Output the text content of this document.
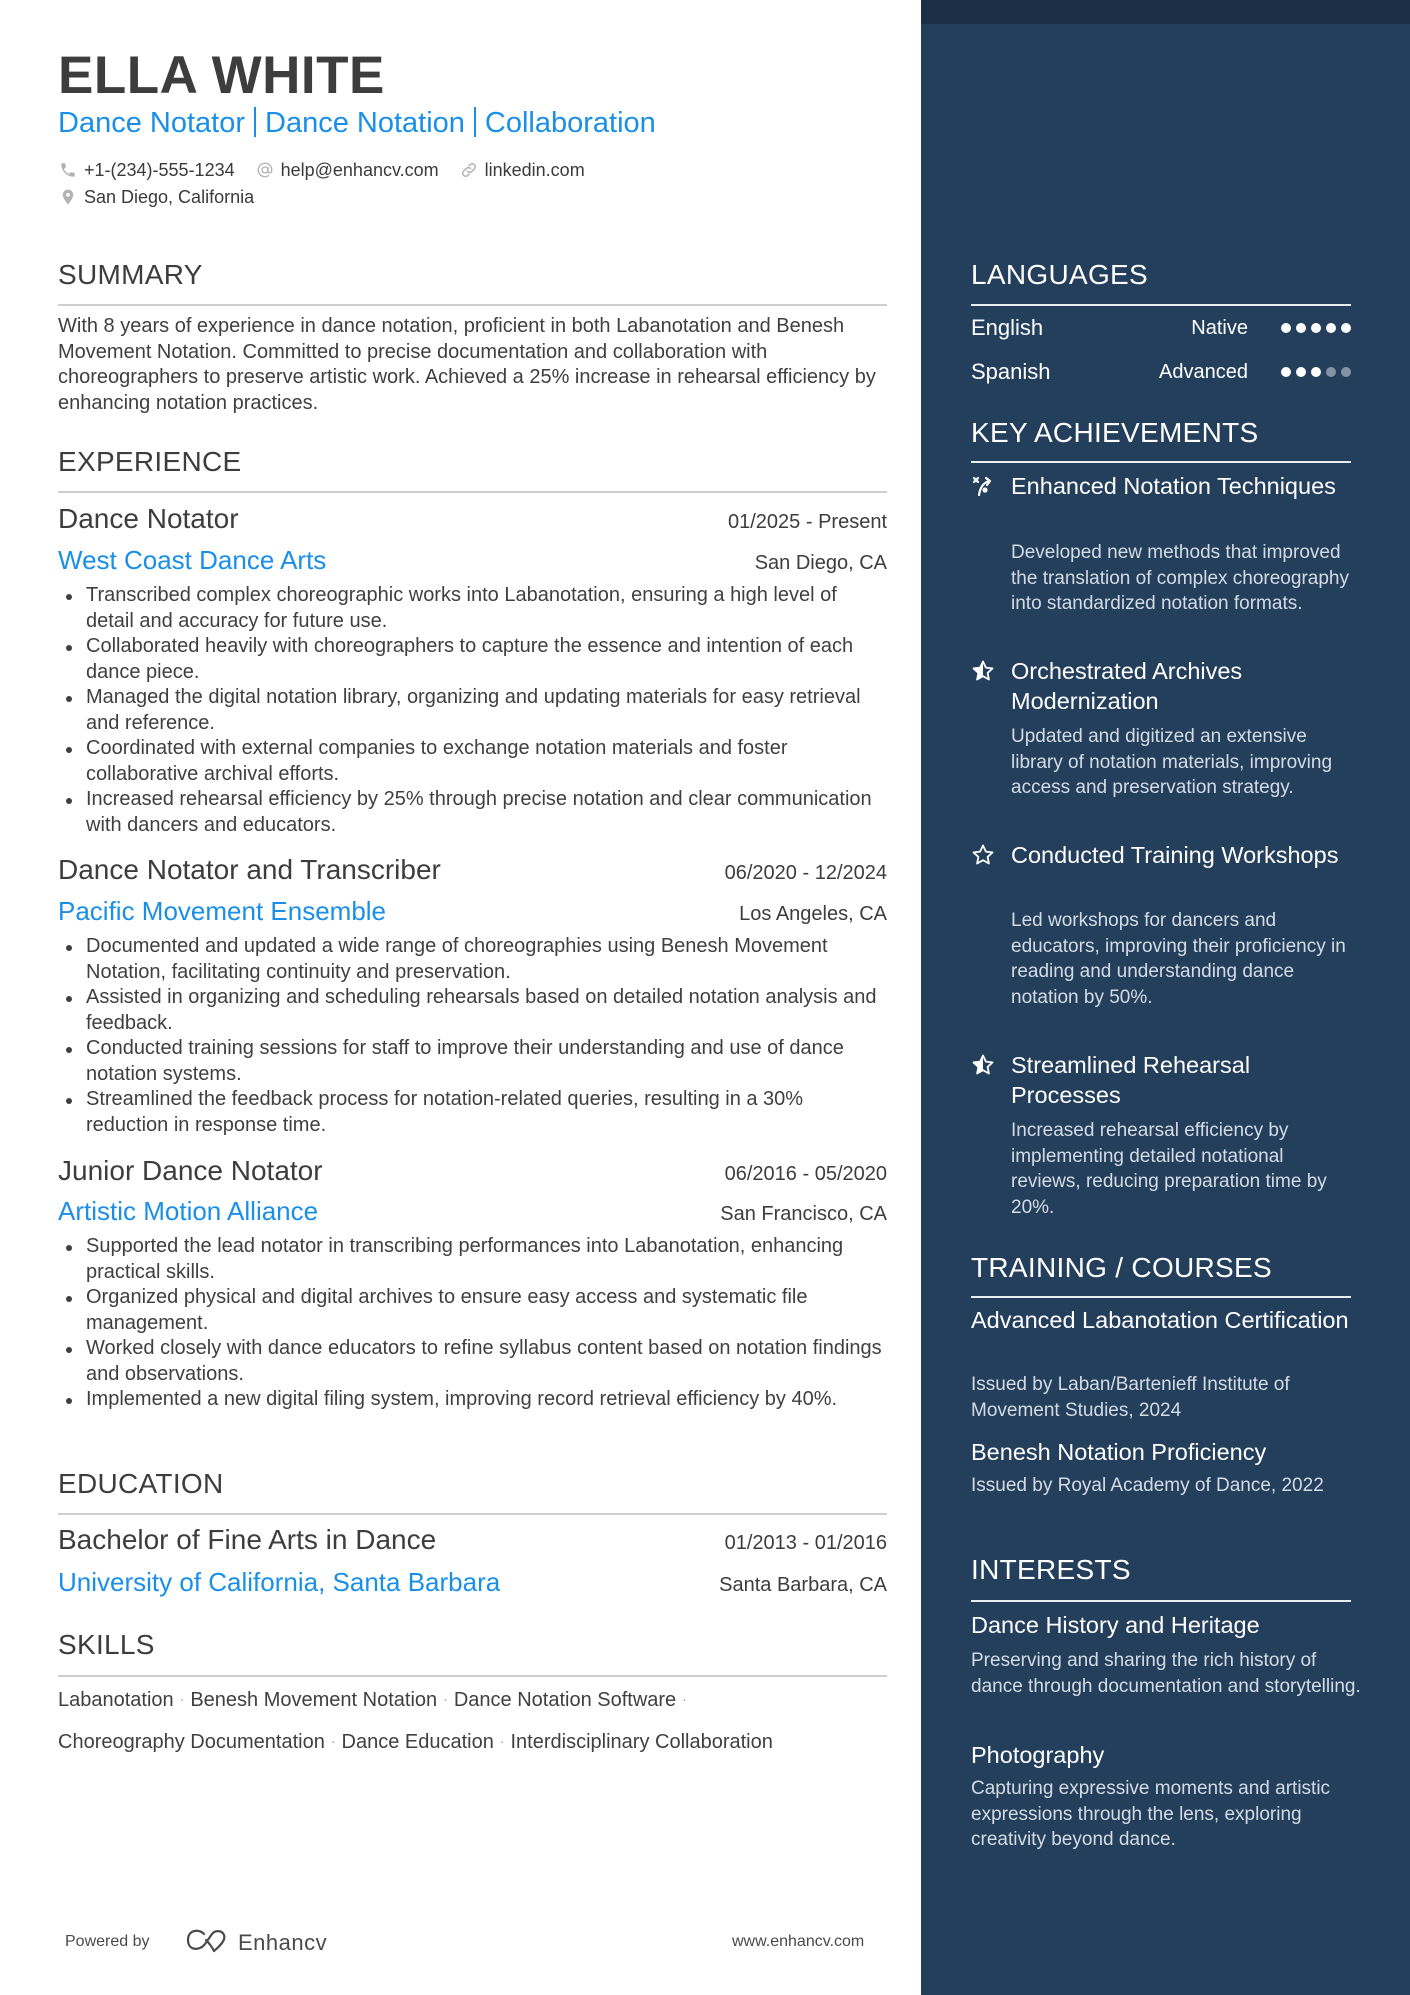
ELLA WHITE
Dance Notator Dance Notation Collaboration
+1-(234)-555-1234	help@enhancv.com	linkedin.com
San Diego, California
SUMMARY
With 8 years of experience in dance notation, proficient in both Labanotation and Benesh Movement Notation. Committed to precise documentation and collaboration with choreographers to preserve artistic work. Achieved a 25% increase in rehearsal efficiency by enhancing notation practices.
EXPERIENCE
Dance Notator	01/2025 - Present
West Coast Dance Arts	San Diego, CA
Transcribed complex choreographic works into Labanotation, ensuring a high level of detail and accuracy for future use.
Collaborated heavily with choreographers to capture the essence and intention of each dance piece.
Managed the digital notation library, organizing and updating materials for easy retrieval and reference.
Coordinated with external companies to exchange notation materials and foster collaborative archival efforts.
Increased rehearsal efficiency by 25% through precise notation and clear communication with dancers and educators.
Dance Notator and Transcriber	06/2020 - 12/2024
Pacific Movement Ensemble	Los Angeles, CA
Documented and updated a wide range of choreographies using Benesh Movement Notation, facilitating continuity and preservation.
Assisted in organizing and scheduling rehearsals based on detailed notation analysis and feedback.
Conducted training sessions for staff to improve their understanding and use of dance notation systems.
Streamlined the feedback process for notation-related queries, resulting in a 30% reduction in response time.
Junior Dance Notator	06/2016 - 05/2020
Artistic Motion Alliance	San Francisco, CA
Supported the lead notator in transcribing performances into Labanotation, enhancing practical skills.
Organized physical and digital archives to ensure easy access and systematic file management.
Worked closely with dance educators to refine syllabus content based on notation findings and observations.
Implemented a new digital filing system, improving record retrieval efficiency by 40%.
EDUCATION
Bachelor of Fine Arts in Dance	01/2013 - 01/2016
University of California, Santa Barbara	Santa Barbara, CA
SKILLS
Labanotation · Benesh Movement Notation · Dance Notation Software ·
Choreography Documentation · Dance Education · Interdisciplinary Collaboration
Powered by	Enhancv	www.enhancv.com
LANGUAGES
English	Native
Spanish	Advanced
KEY ACHIEVEMENTS
Enhanced Notation Techniques
Developed new methods that improved the translation of complex choreography into standardized notation formats.
Orchestrated Archives Modernization
Updated and digitized an extensive library of notation materials, improving access and preservation strategy.
Conducted Training Workshops
Led workshops for dancers and educators, improving their proficiency in reading and understanding dance notation by 50%.
Streamlined Rehearsal Processes
Increased rehearsal efficiency by implementing detailed notational reviews, reducing preparation time by 20%.
TRAINING / COURSES
Advanced Labanotation Certification
Issued by Laban/Bartenieff Institute of Movement Studies, 2024
Benesh Notation Proficiency
Issued by Royal Academy of Dance, 2022
INTERESTS
Dance History and Heritage
Preserving and sharing the rich history of dance through documentation and storytelling.
Photography
Capturing expressive moments and artistic expressions through the lens, exploring creativity beyond dance.
